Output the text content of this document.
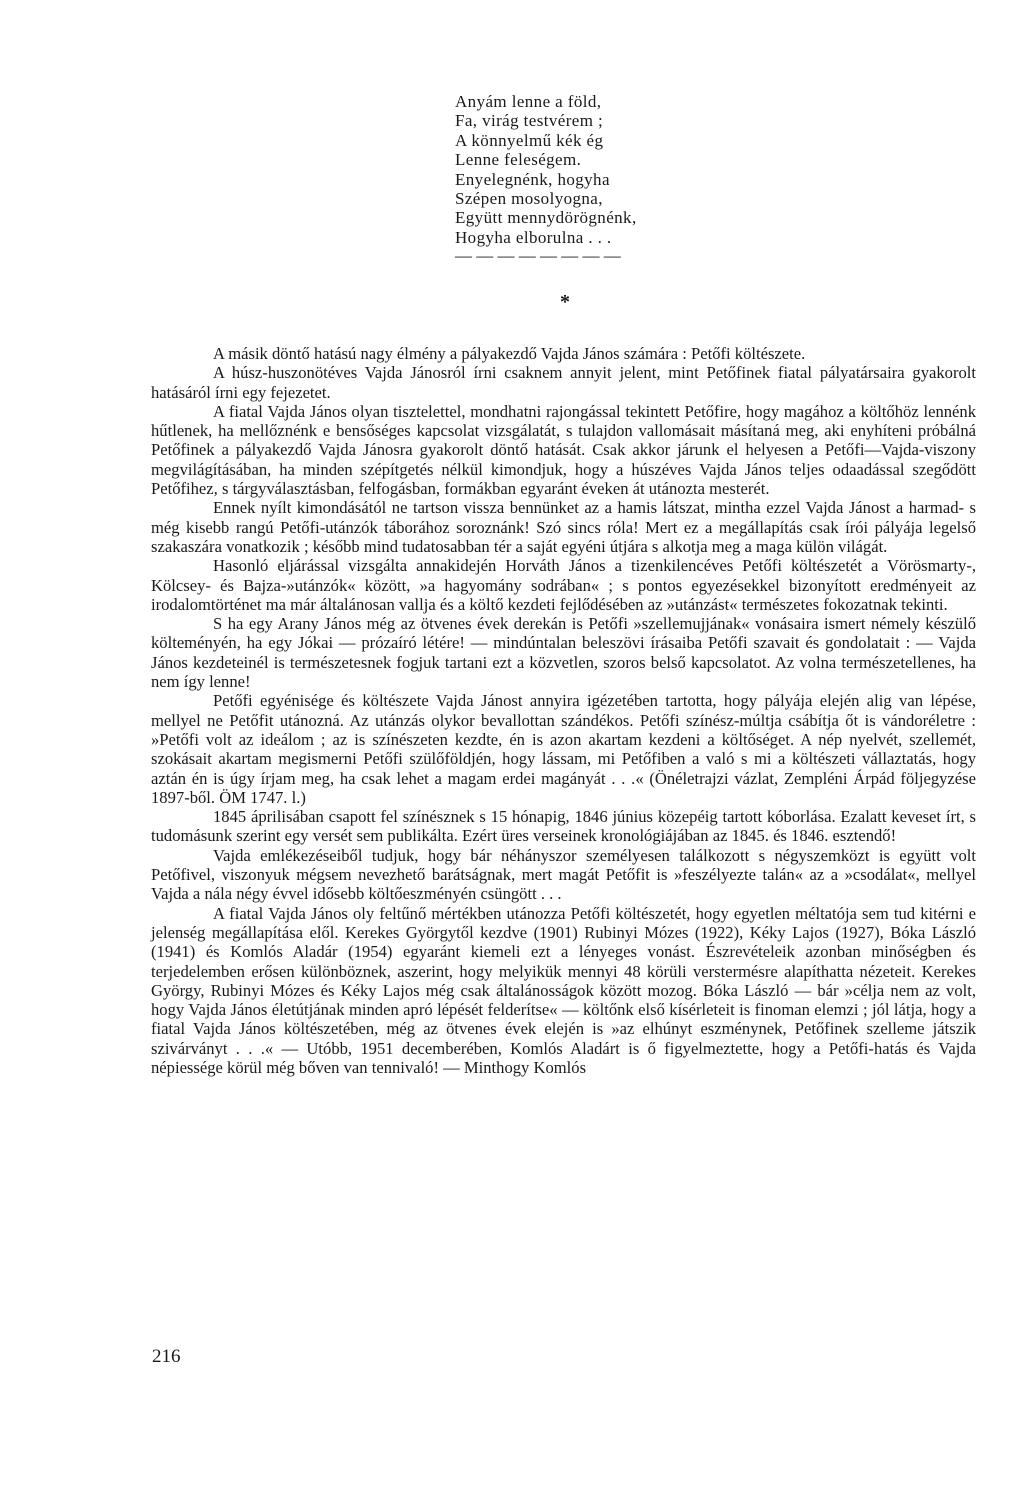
Anyám lenne a föld,
Fa, virág testvérem ;
A könnyelmű kék ég
Lenne feleségem.
Enyelegnénk, hogyha
Szépen mosolyogna,
Együtt mennydörögnénk,
Hogyha elborulna . . .
— — — — — — — —
*

A másik döntő hatású nagy élmény a pályakezdő Vajda János számára : Petőfi költészete.

A húsz-huszonötéves Vajda Jánosról írni csaknem annyit jelent, mint Petőfinek fiatal pályatársaira gyakorolt hatásáról írni egy fejezetet.

A fiatal Vajda János olyan tisztelettel, mondhatni rajongással tekintett Petőfire, hogy magához a költőhöz lennénk hűtlenek, ha mellőznénk e bensőséges kapcsolat vizsgálatát, s tulajdon vallomásait másítaná meg, aki enyhíteni próbálná Petőfinek a pályakezdő Vajda Jánosra gyakorolt döntő hatását. Csak akkor járunk el helyesen a Petőfi—Vajda-viszony megvilágításában, ha minden szépítgetés nélkül kimondjuk, hogy a húszéves Vajda János teljes odaadással szegődött Petőfihez, s tárgyválasztásban, felfogásban, formákban egyaránt éveken át utánozta mesterét.

Ennek nyílt kimondásától ne tartson vissza bennünket az a hamis látszat, mintha ezzel Vajda Jánost a harmad- s még kisebb rangú Petőfi-utánzók táborához soroznánk! Szó sincs róla! Mert ez a megállapítás csak írói pályája legelső szakaszára vonatkozik ; később mind tudatosabban tér a saját egyéni útjára s alkotja meg a maga külön világát.

Hasonló eljárással vizsgálta annakidején Horváth János a tizenkilencéves Petőfi költészetét a Vörösmarty-, Kölcsey- és Bajza-»utánzók« között, »a hagyomány sodrában« ; s pontos egyezésekkel bizonyított eredményeit az irodalomtörténet ma már általánosan vallja és a költő kezdeti fejlődésében az »utánzást« természetes fokozatnak tekinti.

S ha egy Arany János még az ötvenes évek derekán is Petőfi »szellemujjának« vonásaira ismert némely készülő költeményén, ha egy Jókai — prózaíró létére! — mindúntalan beleszövi írásaiba Petőfi szavait és gondolatait : — Vajda János kezdeteinél is természetesnek fogjuk tartani ezt a közvetlen, szoros belső kapcsolatot. Az volna természetellenes, ha nem így lenne!

Petőfi egyénisége és költészete Vajda Jánost annyira igézetében tartotta, hogy pályája elején alig van lépése, mellyel ne Petőfit utánozná. Az utánzás olykor bevallottan szándékos. Petőfi színész-múltja csábítja őt is vándoréletre : »Petőfi volt az ideálom ; az is színészeten kezdte, én is azon akartam kezdeni a költőséget. A nép nyelvét, szellemét, szokásait akartam megismerni Petőfi szülőföldjén, hogy lássam, mi Petőfiben a való s mi a költészeti vállaztatás, hogy aztán én is úgy írjam meg, ha csak lehet a magam erdei magányát . . .« (Önéletrajzi vázlat, Zempléni Árpád följegyzése 1897-ből. ÖM 1747. l.)

1845 áprilisában csapott fel színésznek s 15 hónapig, 1846 június közepéig tartott kóborlása. Ezalatt keveset írt, s tudomásunk szerint egy versét sem publikálta. Ezért üres verseinek kronológiájában az 1845. és 1846. esztendő!

Vajda emlékezéseiből tudjuk, hogy bár néhányszor személyesen találkozott s négyszemközt is együtt volt Petőfivel, viszonyuk mégsem nevezhető barátságnak, mert magát Petőfit is »feszélyezte talán« az a »csodálat«, mellyel Vajda a nála négy évvel idősebb költőeszményén csüngött . . .

A fiatal Vajda János oly feltűnő mértékben utánozza Petőfi költészetét, hogy egyetlen méltatója sem tud kitérni e jelenség megállapítása elől. Kerekes Györgytől kezdve (1901) Rubinyi Mózes (1922), Kéky Lajos (1927), Bóka László (1941) és Komlós Aladár (1954) egyaránt kiemeli ezt a lényeges vonást. Észrevételeik azonban minőségben és terjedelemben erősen különböznek, aszerint, hogy melyikük mennyi 48 körüli verstermésre alapíthatta nézeteit. Kerekes György, Rubinyi Mózes és Kéky Lajos még csak általánosságok között mozog. Bóka László — bár »célja nem az volt, hogy Vajda János életútjának minden apró lépését felderítse« — költőnk első kísérleteit is finoman elemzi ; jól látja, hogy a fiatal Vajda János költészetében, még az ötvenes évek elején is »az elhúnyt eszménynek, Petőfinek szelleme játszik szivárványt . . .« — Utóbb, 1951 decemberében, Komlós Aladárt is ő figyelmeztette, hogy a Petőfi-hatás és Vajda népiessége körül még bőven van tennivaló! — Minthogy Komlós

216
